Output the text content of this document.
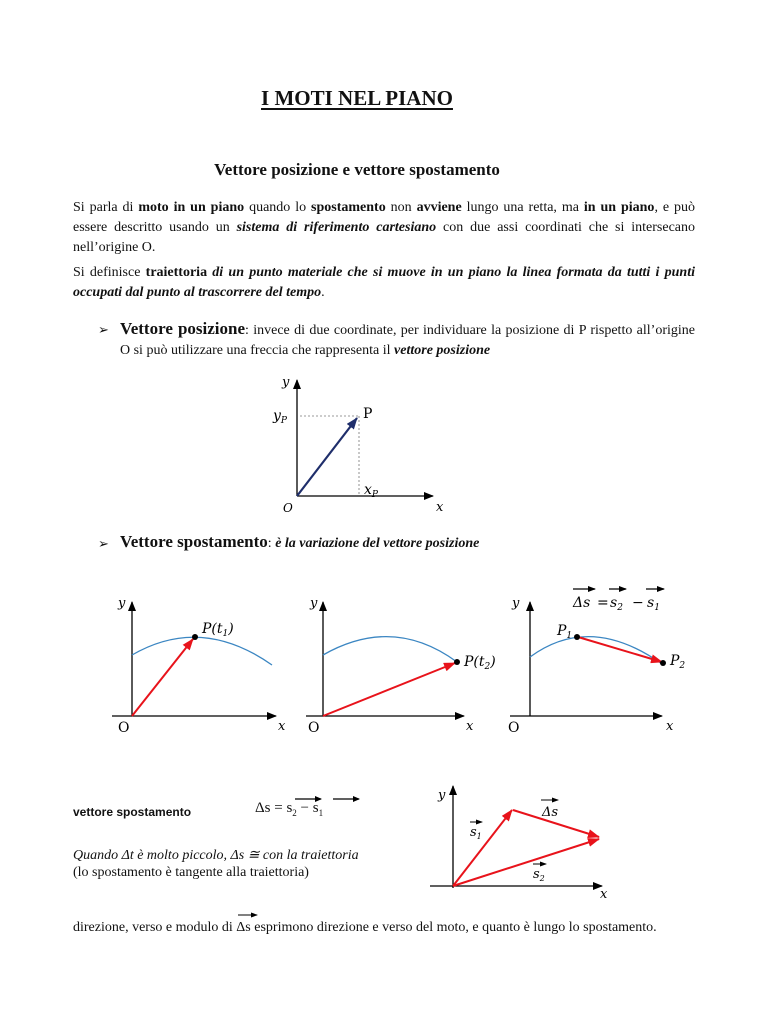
I MOTI NEL PIANO
Vettore posizione e vettore spostamento
Si parla di moto in un piano quando lo spostamento non avviene lungo una retta, ma in un piano, e può essere descritto usando un sistema di riferimento cartesiano con due assi coordinati che si intersecano nell’origine O.
Si definisce traiettoria di un punto materiale che si muove in un piano la linea formata da tutti i punti occupati dal punto al trascorrere del tempo.
➢ Vettore posizione: invece di due coordinate, per individuare la posizione di P rispetto all’origine O si può utilizzare una freccia che rappresenta il vettore posizione
y
x
O
$y_P$
$x_P$
P
➢ Vettore spostamento: è la variazione del vettore posizione
y
x
O
$P(t_1)$
y
x
O
$P(t_2)$
y
x
O
$P_1$
$P_2$
$\Delta s = s_2 - s_1$
vettore spostamento	$\Delta s = s_2 - s_1$
Quando Δt è molto piccolo, Δs ≅ con la traiettoria
(lo spostamento è tangente alla traiettoria)
y
x
$s_1$
Δs
$s_2$
direzione, verso e modulo di
Δs esprimono direzione e verso del moto, e quanto è lungo lo spostamento.
